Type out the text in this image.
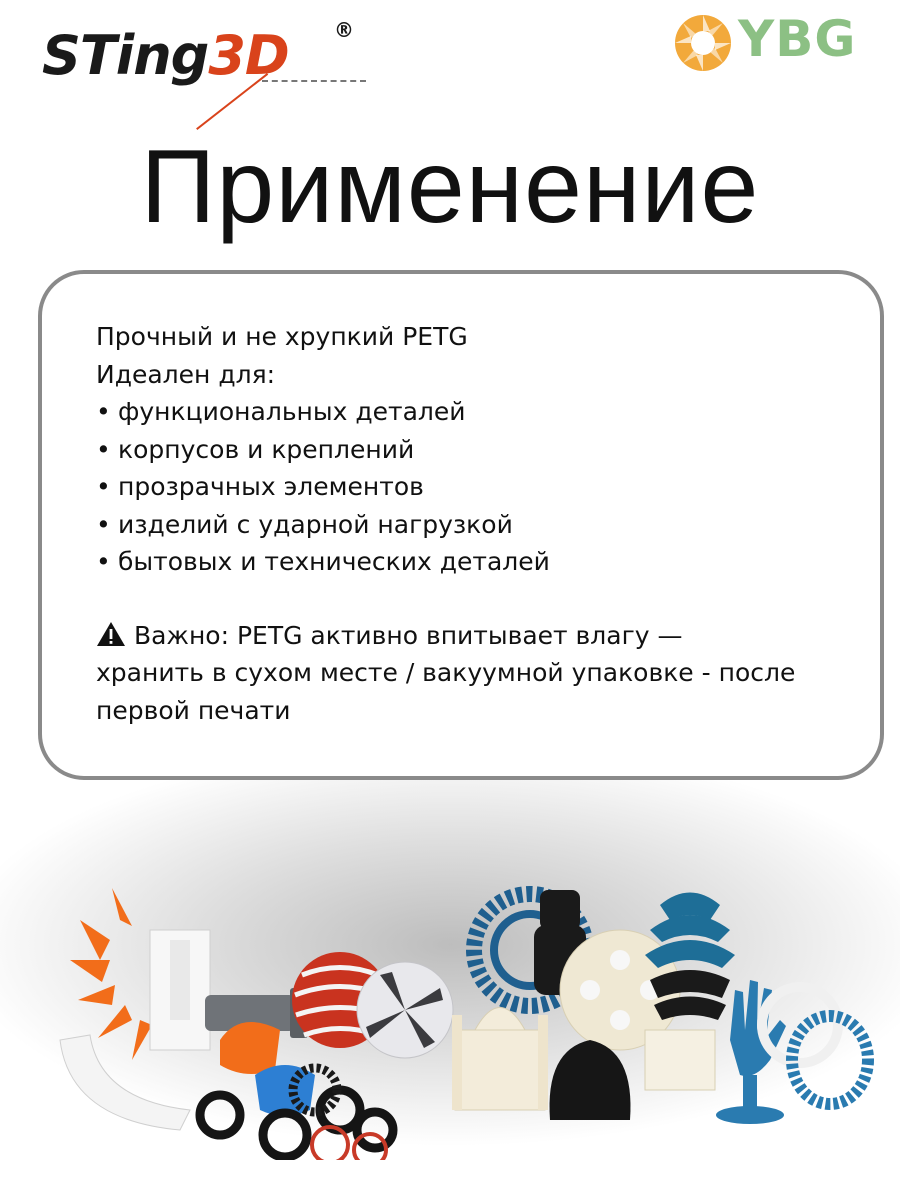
STing3D ®	YBG
Применение
Прочный и не хрупкий PETG
Идеален для:
• функциональных деталей
• корпусов и креплений
• прозрачных элементов
• изделий с ударной нагрузкой
• бытовых и технических деталей
Важно: PETG активно впитывает влагу —
хранить в сухом месте / вакуумной упаковке - после
первой печати
